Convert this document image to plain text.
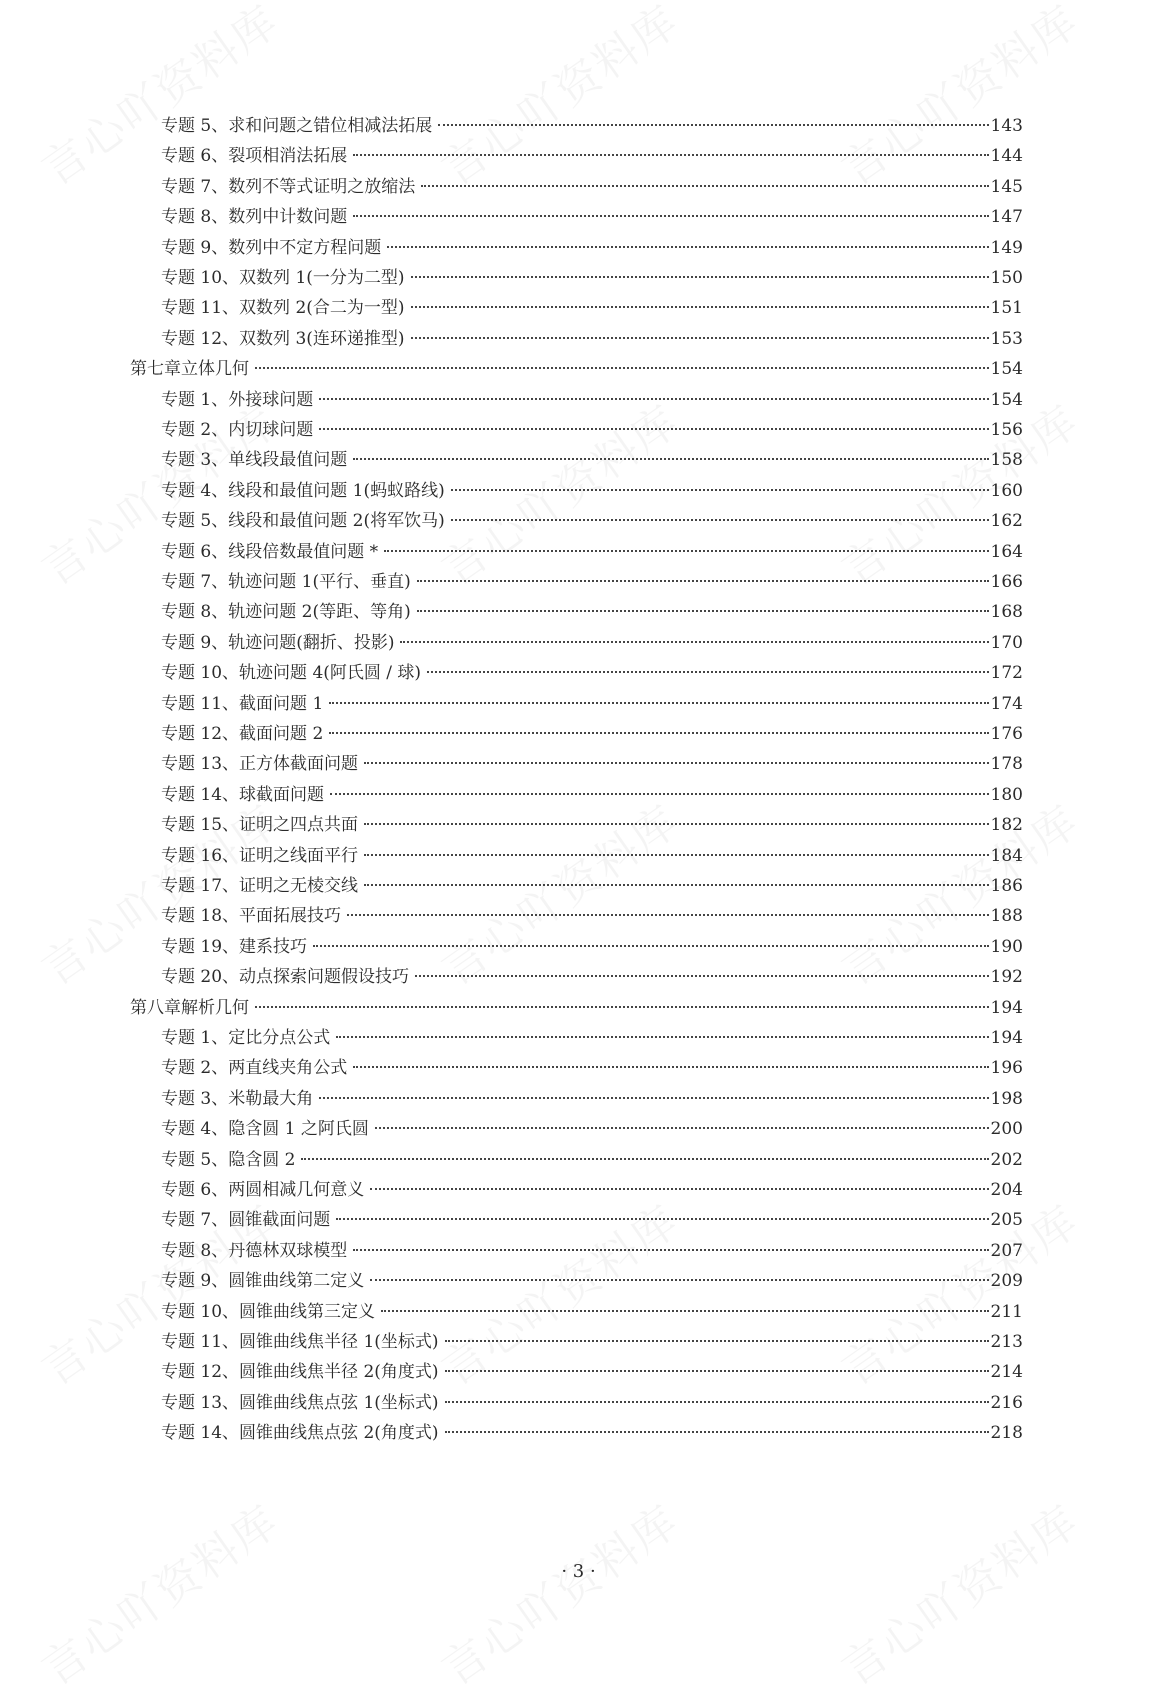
专题 5、求和问题之错位相减法拓展	143
专题 6、裂项相消法拓展	144
专题 7、数列不等式证明之放缩法	145
专题 8、数列中计数问题	147
专题 9、数列中不定方程问题	149
专题 10、双数列 1(一分为二型)	150
专题 11、双数列 2(合二为一型)	151
专题 12、双数列 3(连环递推型)	153
第七章立体几何	154
专题 1、外接球问题	154
专题 2、内切球问题	156
专题 3、单线段最值问题	158
专题 4、线段和最值问题 1(蚂蚁路线)	160
专题 5、线段和最值问题 2(将军饮马)	162
专题 6、线段倍数最值问题 *	164
专题 7、轨迹问题 1(平行、垂直)	166
专题 8、轨迹问题 2(等距、等角)	168
专题 9、轨迹问题(翻折、投影)	170
专题 10、轨迹问题 4(阿氏圆 / 球)	172
专题 11、截面问题 1	174
专题 12、截面问题 2	176
专题 13、正方体截面问题	178
专题 14、球截面问题	180
专题 15、证明之四点共面	182
专题 16、证明之线面平行	184
专题 17、证明之无棱交线	186
专题 18、平面拓展技巧	188
专题 19、建系技巧	190
专题 20、动点探索问题假设技巧	192
第八章解析几何	194
专题 1、定比分点公式	194
专题 2、两直线夹角公式	196
专题 3、米勒最大角	198
专题 4、隐含圆 1 之阿氏圆	200
专题 5、隐含圆 2	202
专题 6、两圆相减几何意义	204
专题 7、圆锥截面问题	205
专题 8、丹德林双球模型	207
专题 9、圆锥曲线第二定义	209
专题 10、圆锥曲线第三定义	211
专题 11、圆锥曲线焦半径 1(坐标式)	213
专题 12、圆锥曲线焦半径 2(角度式)	214
专题 13、圆锥曲线焦点弦 1(坐标式)	216
专题 14、圆锥曲线焦点弦 2(角度式)	218
· 3 ·
